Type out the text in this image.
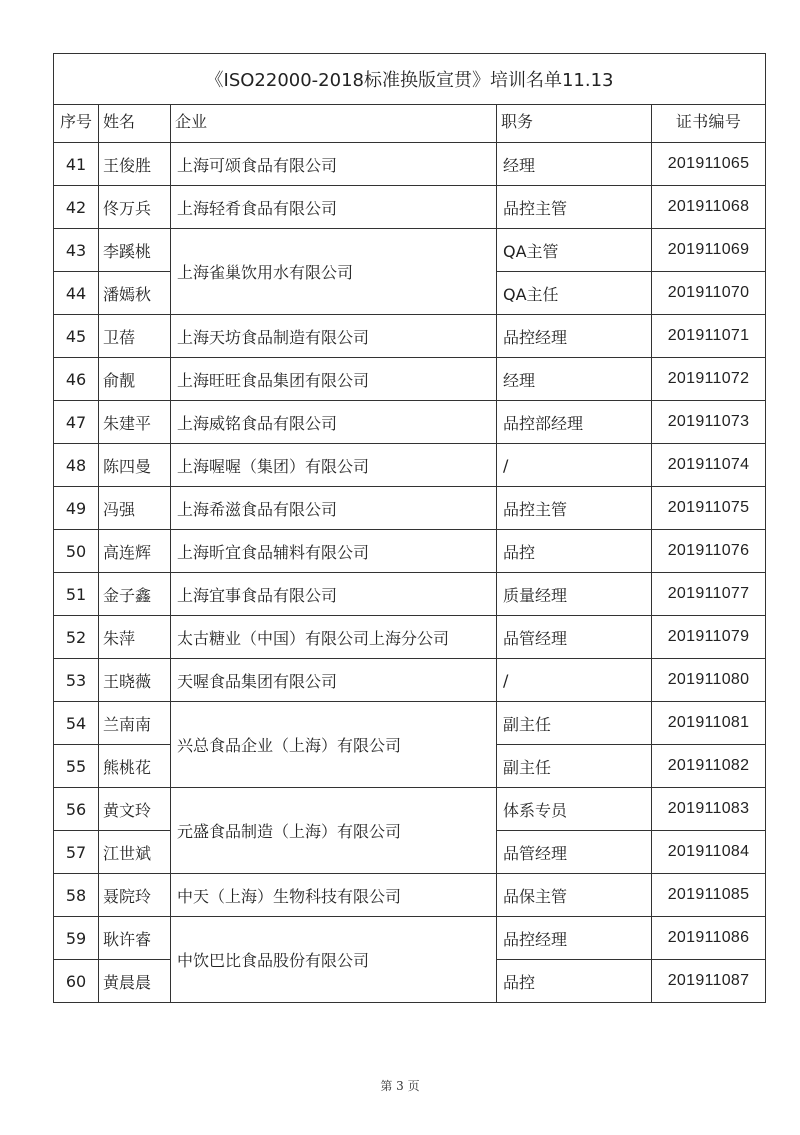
《ISO22000-2018标准换版宣贯》培训名单11.13				
序号	姓名	企业	职务	证书编号
41	王俊胜	上海可颂食品有限公司	经理	201911065
42	佟万兵	上海轻肴食品有限公司	品控主管	201911068
43	李蹊桃	上海雀巢饮用水有限公司	QA主管	201911069
44	潘嫣秋		QA主任	201911070
45	卫蓓	上海天坊食品制造有限公司	品控经理	201911071
46	俞靓	上海旺旺食品集团有限公司	经理	201911072
47	朱建平	上海威铭食品有限公司	品控部经理	201911073
48	陈四曼	上海喔喔（集团）有限公司	/	201911074
49	冯强	上海希滋食品有限公司	品控主管	201911075
50	高连辉	上海昕宜食品辅料有限公司	品控	201911076
51	金子鑫	上海宜事食品有限公司	质量经理	201911077
52	朱萍	太古糖业（中国）有限公司上海分公司	品管经理	201911079
53	王晓薇	天喔食品集团有限公司	/	201911080
54	兰南南	兴总食品企业（上海）有限公司	副主任	201911081
55	熊桃花		副主任	201911082
56	黄文玲	元盛食品制造（上海）有限公司	体系专员	201911083
57	江世斌		品管经理	201911084
58	聂院玲	中天（上海）生物科技有限公司	品保主管	201911085
59	耿许睿	中饮巴比食品股份有限公司	品控经理	201911086
60	黄晨晨		品控	201911087
第 3 页
